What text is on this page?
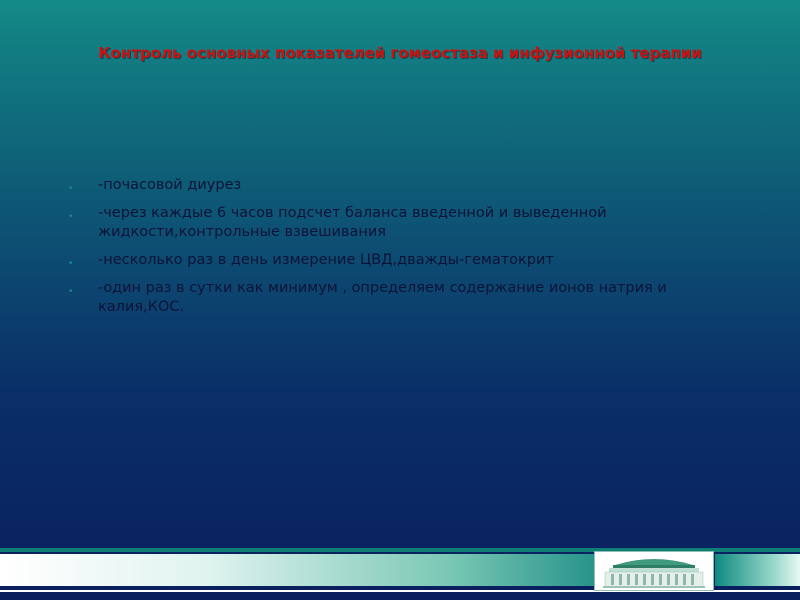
Контроль основных показателей гомеостаза и инфузионной терапии
• -почасовой диурез
• -через каждые 6 часов подсчет баланса введенной и выведенной жидкости,контрольные взвешивания
• -несколько раз в день измерение ЦВД,дважды-гематокрит
• -один раз в сутки как минимум , определяем содержание ионов натрия и калия,КОС.
